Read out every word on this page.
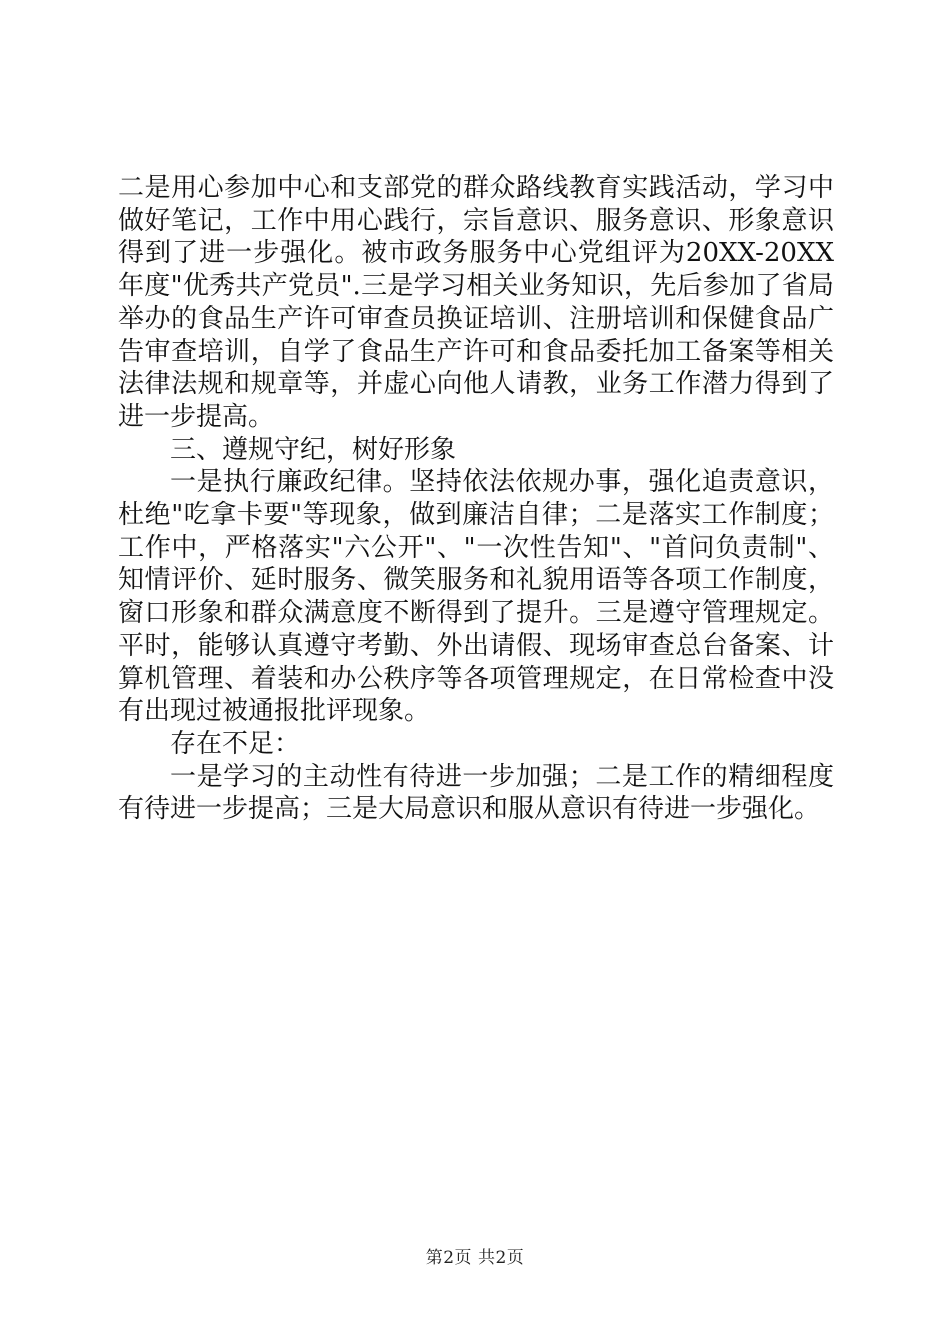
二是用心参加中心和支部党的群众路线教育实践活动，学习中做好笔记，工作中用心践行，宗旨意识、服务意识、形象意识得到了进一步强化。被市政务服务中心党组评为20XX-20XX年度"优秀共产党员".三是学习相关业务知识，先后参加了省局举办的食品生产许可审查员换证培训、注册培训和保健食品广告审查培训，自学了食品生产许可和食品委托加工备案等相关法律法规和规章等，并虚心向他人请教，业务工作潜力得到了进一步提高。

三、遵规守纪，树好形象

一是执行廉政纪律。坚持依法依规办事，强化追责意识，杜绝"吃拿卡要"等现象，做到廉洁自律；二是落实工作制度；工作中，严格落实"六公开"、"一次性告知"、"首问负责制"、知情评价、延时服务、微笑服务和礼貌用语等各项工作制度，窗口形象和群众满意度不断得到了提升。三是遵守管理规定。平时，能够认真遵守考勤、外出请假、现场审查总台备案、计算机管理、着装和办公秩序等各项管理规定，在日常检查中没有出现过被通报批评现象。

存在不足：

一是学习的主动性有待进一步加强；二是工作的精细程度有待进一步提高；三是大局意识和服从意识有待进一步强化。

第2页 共2页
